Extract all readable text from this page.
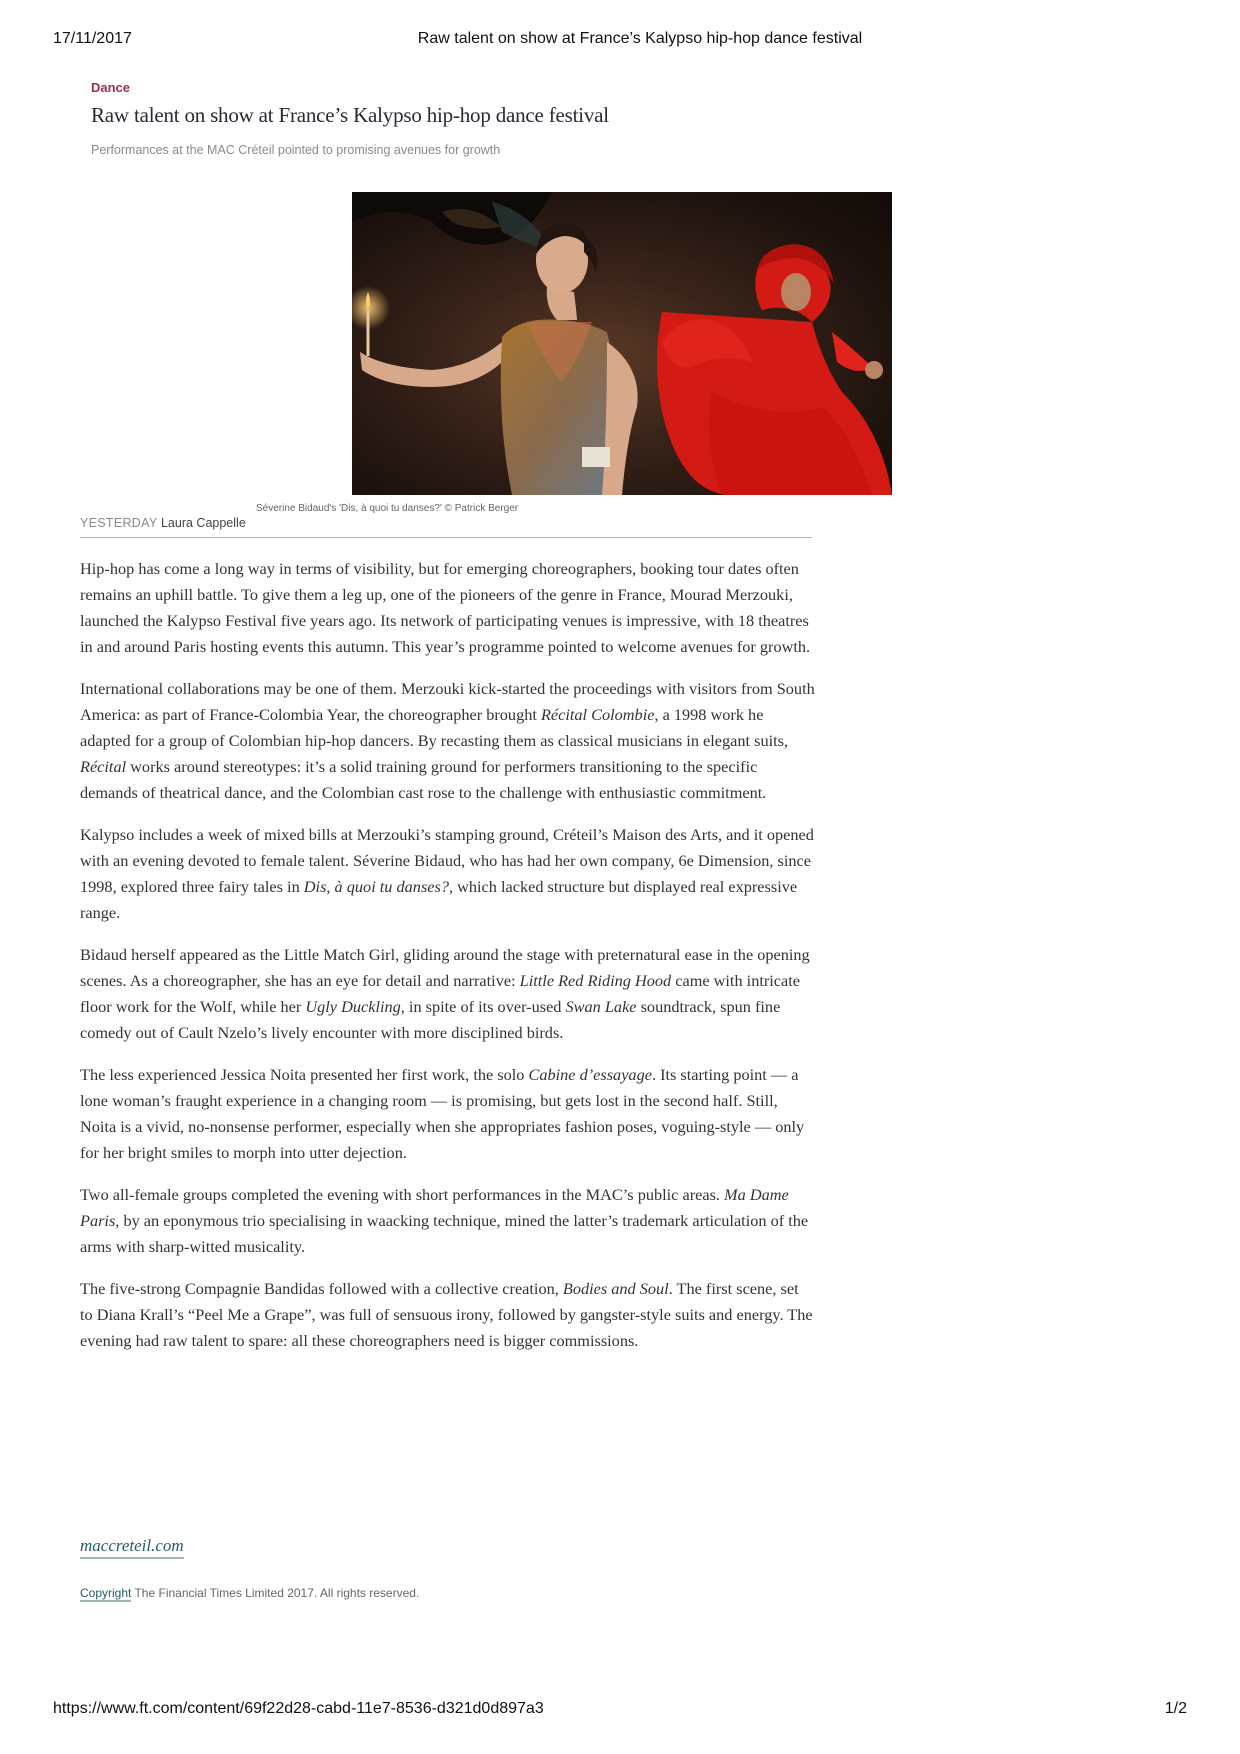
17/11/2017	Raw talent on show at France’s Kalypso hip-hop dance festival
Dance
Raw talent on show at France’s Kalypso hip-hop dance festival
Performances at the MAC Créteil pointed to promising avenues for growth
Séverine Bidaud's 'Dis, à quoi tu danses?' © Patrick Berger
YESTERDAY Laura Cappelle

Hip-hop has come a long way in terms of visibility, but for emerging choreographers, booking tour dates often remains an uphill battle. To give them a leg up, one of the pioneers of the genre in France, Mourad Merzouki, launched the Kalypso Festival five years ago. Its network of participating venues is impressive, with 18 theatres in and around Paris hosting events this autumn. This year’s programme pointed to welcome avenues for growth.

International collaborations may be one of them. Merzouki kick-started the proceedings with visitors from South America: as part of France-Colombia Year, the choreographer brought Récital Colombie, a 1998 work he adapted for a group of Colombian hip-hop dancers. By recasting them as classical musicians in elegant suits, Récital works around stereotypes: it’s a solid training ground for performers transitioning to the specific demands of theatrical dance, and the Colombian cast rose to the challenge with enthusiastic commitment.

Kalypso includes a week of mixed bills at Merzouki’s stamping ground, Créteil’s Maison des Arts, and it opened with an evening devoted to female talent. Séverine Bidaud, who has had her own company, 6e Dimension, since 1998, explored three fairy tales in Dis, à quoi tu danses?, which lacked structure but displayed real expressive range.

Bidaud herself appeared as the Little Match Girl, gliding around the stage with preternatural ease in the opening scenes. As a choreographer, she has an eye for detail and narrative: Little Red Riding Hood came with intricate floor work for the Wolf, while her Ugly Duckling, in spite of its over-used Swan Lake soundtrack, spun fine comedy out of Cault Nzelo’s lively encounter with more disciplined birds.

The less experienced Jessica Noita presented her first work, the solo Cabine d’essayage. Its starting point — a lone woman’s fraught experience in a changing room — is promising, but gets lost in the second half. Still, Noita is a vivid, no-nonsense performer, especially when she appropriates fashion poses, voguing-style — only for her bright smiles to morph into utter dejection.

Two all-female groups completed the evening with short performances in the MAC’s public areas. Ma Dame Paris, by an eponymous trio specialising in waacking technique, mined the latter’s trademark articulation of the arms with sharp-witted musicality.

The five-strong Compagnie Bandidas followed with a collective creation, Bodies and Soul. The first scene, set to Diana Krall’s “Peel Me a Grape”, was full of sensuous irony, followed by gangster-style suits and energy. The evening had raw talent to spare: all these choreographers need is bigger commissions.

maccreteil.com
Copyright The Financial Times Limited 2017. All rights reserved.
https://www.ft.com/content/69f22d28-cabd-11e7-8536-d321d0d897a3	1/2
